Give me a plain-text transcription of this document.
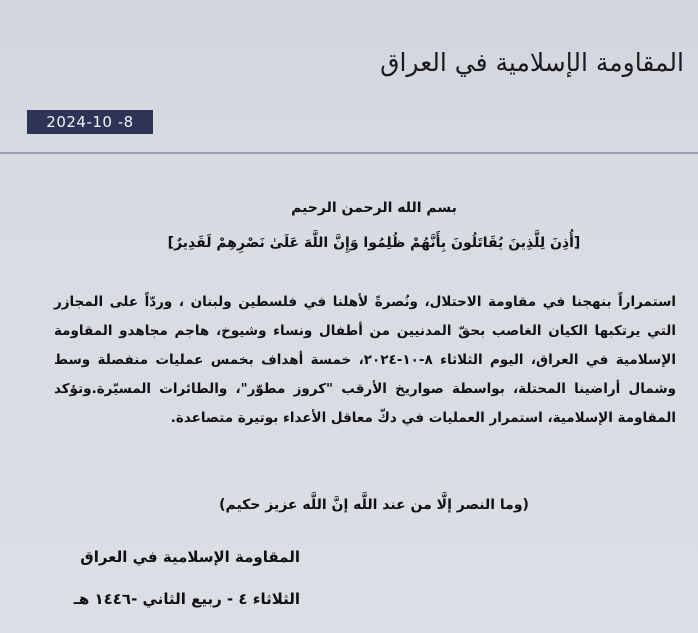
المقاومة الإسلامية في العراق
2024-10 -8
بسم الله الرحمن الرحيم
[أُذِنَ لِلَّذِينَ يُقَاتَلُونَ بِأَنَّهُمْ ظُلِمُوا وَإِنَّ اللَّهَ عَلَىٰ نَصْرِهِمْ لَقَدِيرٌ]
استمراراً بنهجنا في مقاومة الاحتلال، ونُصرةً لأهلنا في فلسطين ولبنان ، وردّاً على المجازر التي يرتكبها الكيان الغاصب بحقّ المدنيين من أطفال ونساء وشيوخ، هاجم مجاهدو المقاومة الإسلامية في العراق، اليوم الثلاثاء ٨-١٠-٢٠٢٤، خمسة أهداف بخمس عمليات منفصلة وسط وشمال أراضينا المحتلة، بواسطة صواريخ الأرقب "كروز مطوّر"، والطائرات المسيّرة.وتؤكد المقاومة الإسلامية، استمرار العمليات في دكّ معاقل الأعداء بوتيرة متصاعدة.
(وما النصر إلَّا من عند اللَّه إنَّ اللَّه عزيز حكيم)
المقاومة الإسلامية في العراق
الثلاثاء ٤ - ربيع الثاني -١٤٤٦ هـ
